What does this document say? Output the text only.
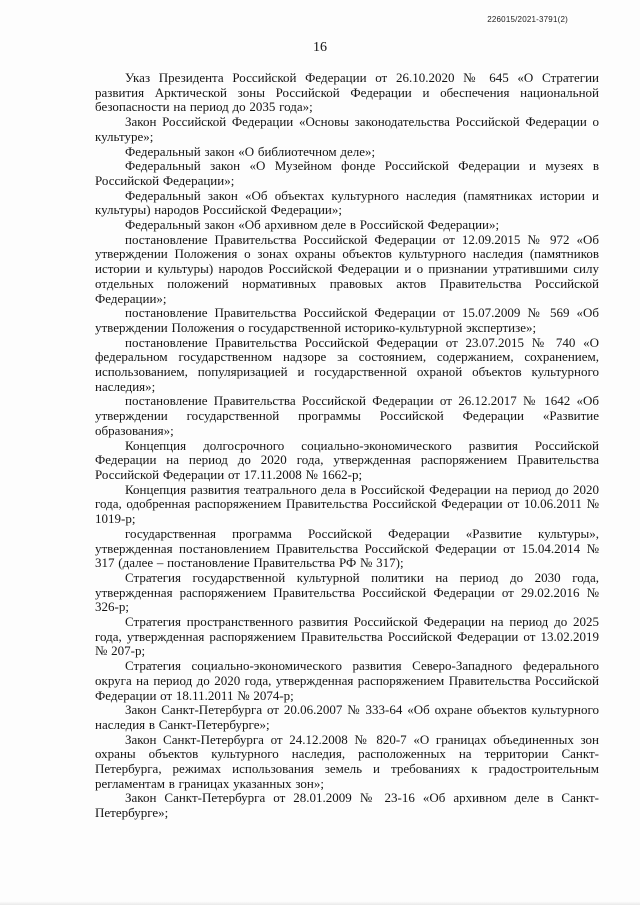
226015/2021-3791(2)
16

Указ Президента Российской Федерации от 26.10.2020 № 645 «О Стратегии развития Арктической зоны Российской Федерации и обеспечения национальной безопасности на период до 2035 года»;

Закон Российской Федерации «Основы законодательства Российской Федерации о культуре»;

Федеральный закон «О библиотечном деле»;

Федеральный закон «О Музейном фонде Российской Федерации и музеях в Российской Федерации»;

Федеральный закон «Об объектах культурного наследия (памятниках истории и культуры) народов Российской Федерации»;

Федеральный закон «Об архивном деле в Российской Федерации»;

постановление Правительства Российской Федерации от 12.09.2015 № 972 «Об утверждении Положения о зонах охраны объектов культурного наследия (памятников истории и культуры) народов Российской Федерации и о признании утратившими силу отдельных положений нормативных правовых актов Правительства Российской Федерации»;

постановление Правительства Российской Федерации от 15.07.2009 № 569 «Об утверждении Положения о государственной историко-культурной экспертизе»;

постановление Правительства Российской Федерации от 23.07.2015 № 740 «О федеральном государственном надзоре за состоянием, содержанием, сохранением, использованием, популяризацией и государственной охраной объектов культурного наследия»;

постановление Правительства Российской Федерации от 26.12.2017 № 1642 «Об утверждении государственной программы Российской Федерации «Развитие образования»;

Концепция долгосрочного социально-экономического развития Российской Федерации на период до 2020 года, утвержденная распоряжением Правительства Российской Федерации от 17.11.2008 № 1662-р;

Концепция развития театрального дела в Российской Федерации на период до 2020 года, одобренная распоряжением Правительства Российской Федерации от 10.06.2011 № 1019-р;

государственная программа Российской Федерации «Развитие культуры», утвержденная постановлением Правительства Российской Федерации от 15.04.2014 № 317 (далее – постановление Правительства РФ № 317);

Стратегия государственной культурной политики на период до 2030 года, утвержденная распоряжением Правительства Российской Федерации от 29.02.2016 № 326-р;

Стратегия пространственного развития Российской Федерации на период до 2025 года, утвержденная распоряжением Правительства Российской Федерации от 13.02.2019 № 207-р;

Стратегия социально-экономического развития Северо-Западного федерального округа на период до 2020 года, утвержденная распоряжением Правительства Российской Федерации от 18.11.2011 № 2074-р;

Закон Санкт-Петербурга от 20.06.2007 № 333-64 «Об охране объектов культурного наследия в Санкт-Петербурге»;

Закон Санкт-Петербурга от 24.12.2008 № 820-7 «О границах объединенных зон охраны объектов культурного наследия, расположенных на территории Санкт-Петербурга, режимах использования земель и требованиях к градостроительным регламентам в границах указанных зон»;

Закон Санкт-Петербурга от 28.01.2009 № 23-16 «Об архивном деле в Санкт-Петербурге»;
